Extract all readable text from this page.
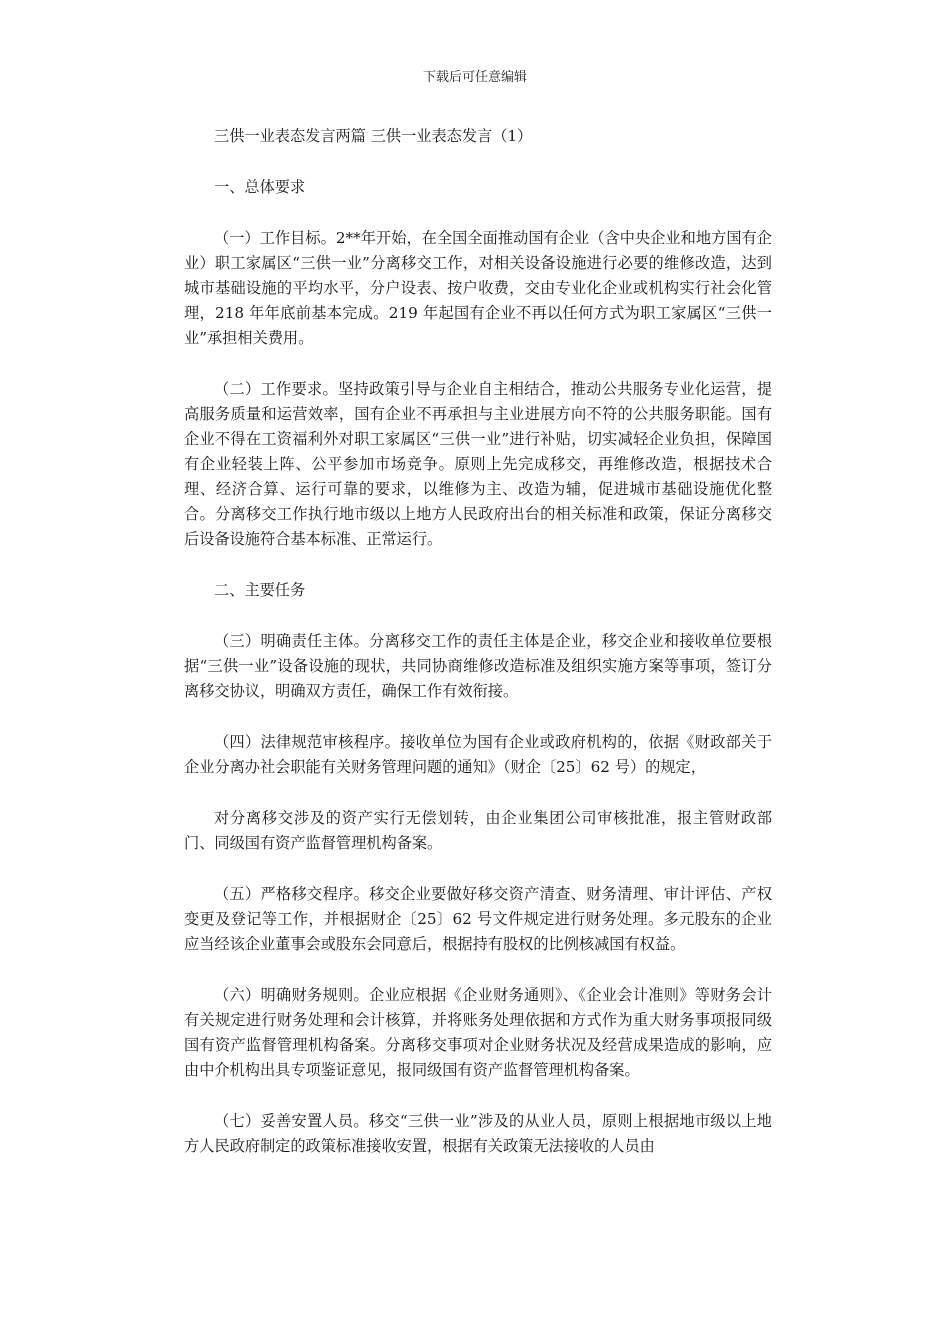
下载后可任意编辑

三供一业表态发言两篇 三供一业表态发言（1）

一、总体要求

（一）工作目标。2**年开始，在全国全面推动国有企业（含中央企业和地方国有企业）职工家属区“三供一业”分离移交工作，对相关设备设施进行必要的维修改造，达到城市基础设施的平均水平，分户设表、按户收费，交由专业化企业或机构实行社会化管理，218 年年底前基本完成。219 年起国有企业不再以任何方式为职工家属区“三供一业”承担相关费用。

（二）工作要求。坚持政策引导与企业自主相结合，推动公共服务专业化运营，提高服务质量和运营效率，国有企业不再承担与主业进展方向不符的公共服务职能。国有企业不得在工资福利外对职工家属区“三供一业”进行补贴，切实减轻企业负担，保障国有企业轻装上阵、公平参加市场竞争。原则上先完成移交，再维修改造，根据技术合理、经济合算、运行可靠的要求，以维修为主、改造为辅，促进城市基础设施优化整合。分离移交工作执行地市级以上地方人民政府出台的相关标准和政策，保证分离移交后设备设施符合基本标准、正常运行。

二、主要任务

（三）明确责任主体。分离移交工作的责任主体是企业，移交企业和接收单位要根据“三供一业”设备设施的现状，共同协商维修改造标准及组织实施方案等事项，签订分离移交协议，明确双方责任，确保工作有效衔接。

（四）法律规范审核程序。接收单位为国有企业或政府机构的，依据《财政部关于企业分离办社会职能有关财务管理问题的通知》（财企〔25〕62 号）的规定，

对分离移交涉及的资产实行无偿划转，由企业集团公司审核批准，报主管财政部门、同级国有资产监督管理机构备案。

（五）严格移交程序。移交企业要做好移交资产清查、财务清理、审计评估、产权变更及登记等工作，并根据财企〔25〕62 号文件规定进行财务处理。多元股东的企业应当经该企业董事会或股东会同意后，根据持有股权的比例核减国有权益。

（六）明确财务规则。企业应根据《企业财务通则》、《企业会计准则》等财务会计有关规定进行财务处理和会计核算，并将账务处理依据和方式作为重大财务事项报同级国有资产监督管理机构备案。分离移交事项对企业财务状况及经营成果造成的影响，应由中介机构出具专项鉴证意见，报同级国有资产监督管理机构备案。

（七）妥善安置人员。移交“三供一业”涉及的从业人员，原则上根据地市级以上地方人民政府制定的政策标准接收安置，根据有关政策无法接收的人员由
